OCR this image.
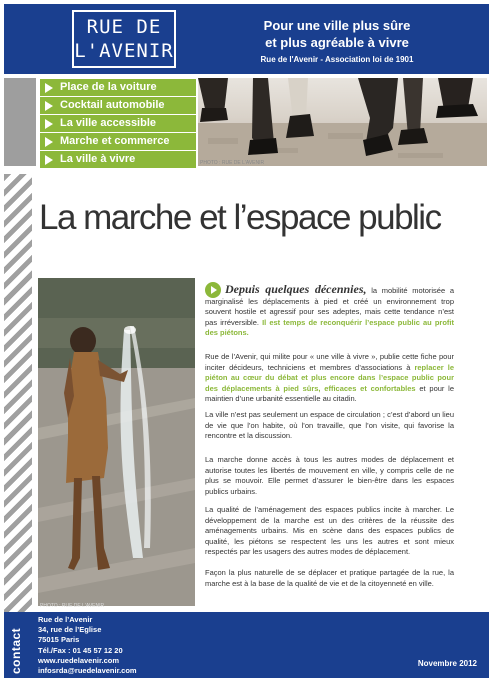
RUE DE
L'AVENIR
Pour une ville plus sûre
et plus agréable à vivre
Rue de l'Avenir - Association loi de 1901
Place de la voiture
Cocktail automobile
La ville accessible
Marche et commerce
La ville à vivre	PHOTO : RUE DE L'AVENIR
La marche et l’espace public
PHOTO : RUE DE L'AVENIR
Depuis quelques décennies, la mobilité motorisée a marginalisé les déplacements à pied et créé un environnement trop souvent hostile et agressif pour ses adeptes, mais cette tendance n’est pas irréversible. Il est temps de reconquérir l’espace public au profit des piétons.
Rue de l’Avenir, qui milite pour « une ville à vivre », publie cette fiche pour inciter décideurs, techniciens et membres d’associations à replacer le piéton au cœur du débat et plus encore dans l’espace public pour des déplacements à pied sûrs, efficaces et confortables et pour le maintien d’une urbanité essentielle au citadin.
La ville n’est pas seulement un espace de circulation ; c’est d’abord un lieu de vie que l’on habite, où l’on travaille, que l’on visite, qui favorise la rencontre et la discussion.
La marche donne accès à tous les autres modes de déplacement et autorise toutes les libertés de mouvement en ville, y compris celle de ne plus se mouvoir. Elle permet d’assurer le bien-être dans les espaces publics urbains.
La qualité de l’aménagement des espaces publics incite à marcher. Le développement de la marche est un des critères de la réussite des aménagements urbains. Mis en scène dans des espaces publics de qualité, les piétons se respectent les uns les autres et sont mieux respectés par les usagers des autres modes de déplacement.
Façon la plus naturelle de se déplacer et pratique partagée de la rue, la marche est à la base de la qualité de vie et de la citoyenneté en ville.
contact
Rue de l’Avenir
34, rue de l’Eglise
75015 Paris
Tél./Fax : 01 45 57 12 20
www.ruedelavenir.com
infosrda@ruedelavenir.com
Novembre 2012
